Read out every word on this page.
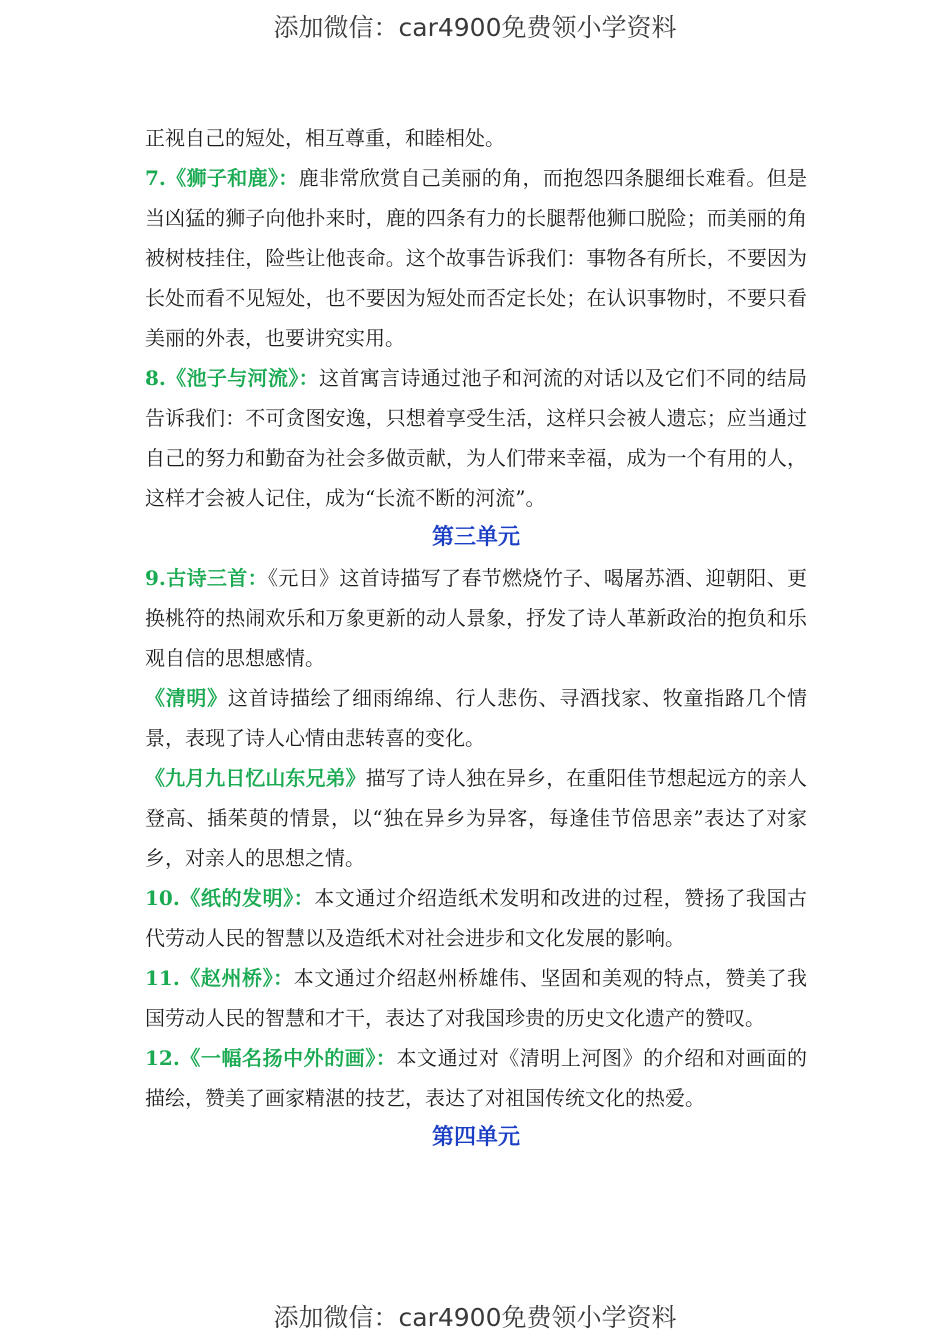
添加微信：car4900免费领小学资料

正视自己的短处，相互尊重，和睦相处。

7.《狮子和鹿》：鹿非常欣赏自己美丽的角，而抱怨四条腿细长难看。但是当凶猛的狮子向他扑来时，鹿的四条有力的长腿帮他狮口脱险；而美丽的角被树枝挂住，险些让他丧命。这个故事告诉我们：事物各有所长，不要因为长处而看不见短处，也不要因为短处而否定长处；在认识事物时，不要只看美丽的外表，也要讲究实用。

8.《池子与河流》：这首寓言诗通过池子和河流的对话以及它们不同的结局告诉我们：不可贪图安逸，只想着享受生活，这样只会被人遗忘；应当通过自己的努力和勤奋为社会多做贡献，为人们带来幸福，成为一个有用的人，这样才会被人记住，成为“长流不断的河流”。

第三单元

9.古诗三首：《元日》这首诗描写了春节燃烧竹子、喝屠苏酒、迎朝阳、更换桃符的热闹欢乐和万象更新的动人景象，抒发了诗人革新政治的抱负和乐观自信的思想感情。

《清明》这首诗描绘了细雨绵绵、行人悲伤、寻酒找家、牧童指路几个情景，表现了诗人心情由悲转喜的变化。

《九月九日忆山东兄弟》描写了诗人独在异乡，在重阳佳节想起远方的亲人登高、插茱萸的情景，以“独在异乡为异客，每逢佳节倍思亲”表达了对家乡，对亲人的思想之情。

10.《纸的发明》：本文通过介绍造纸术发明和改进的过程，赞扬了我国古代劳动人民的智慧以及造纸术对社会进步和文化发展的影响。

11.《赵州桥》：本文通过介绍赵州桥雄伟、坚固和美观的特点，赞美了我国劳动人民的智慧和才干，表达了对我国珍贵的历史文化遗产的赞叹。

12.《一幅名扬中外的画》：本文通过对《清明上河图》的介绍和对画面的描绘，赞美了画家精湛的技艺，表达了对祖国传统文化的热爱。

第四单元

添加微信：car4900免费领小学资料
